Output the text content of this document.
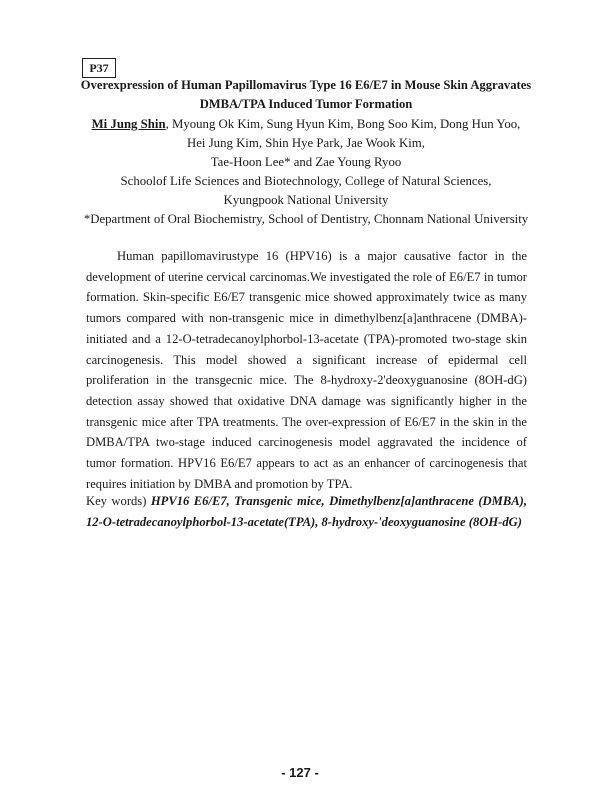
P37
Overexpression of Human Papillomavirus Type 16 E6/E7 in Mouse Skin Aggravates
DMBA/TPA Induced Tumor Formation

Mi Jung Shin, Myoung Ok Kim, Sung Hyun Kim, Bong Soo Kim, Dong Hun Yoo,
Hei Jung Kim, Shin Hye Park, Jae Wook Kim,
Tae-Hoon Lee* and Zae Young Ryoo

Schoolof Life Sciences and Biotechnology, College of Natural Sciences,
Kyungpook National University

*Department of Oral Biochemistry, School of Dentistry, Chonnam National University

Human papillomavirustype 16 (HPV16) is a major causative factor in the development of uterine cervical carcinomas.We investigated the role of E6/E7 in tumor formation. Skin-specific E6/E7 transgenic mice showed approximately twice as many tumors compared with non-transgenic mice in dimethylbenz[a]anthracene (DMBA)-initiated and a 12-O-tetradecanoylphorbol-13-acetate (TPA)-promoted two-stage skin carcinogenesis. This model showed a significant increase of epidermal cell proliferation in the transgecnic mice. The 8-hydroxy-2'deoxyguanosine (8OH-dG) detection assay showed that oxidative DNA damage was significantly higher in the transgenic mice after TPA treatments. The over-expression of E6/E7 in the skin in the DMBA/TPA two-stage induced carcinogenesis model aggravated the incidence of tumor formation. HPV16 E6/E7 appears to act as an enhancer of carcinogenesis that requires initiation by DMBA and promotion by TPA.

Key words) HPV16 E6/E7, Transgenic mice, Dimethylbenz[a]anthracene (DMBA), 12-O-tetradecanoylphorbol-13-acetate(TPA), 8-hydroxy-'deoxyguanosine (8OH-dG)

- 127 -
